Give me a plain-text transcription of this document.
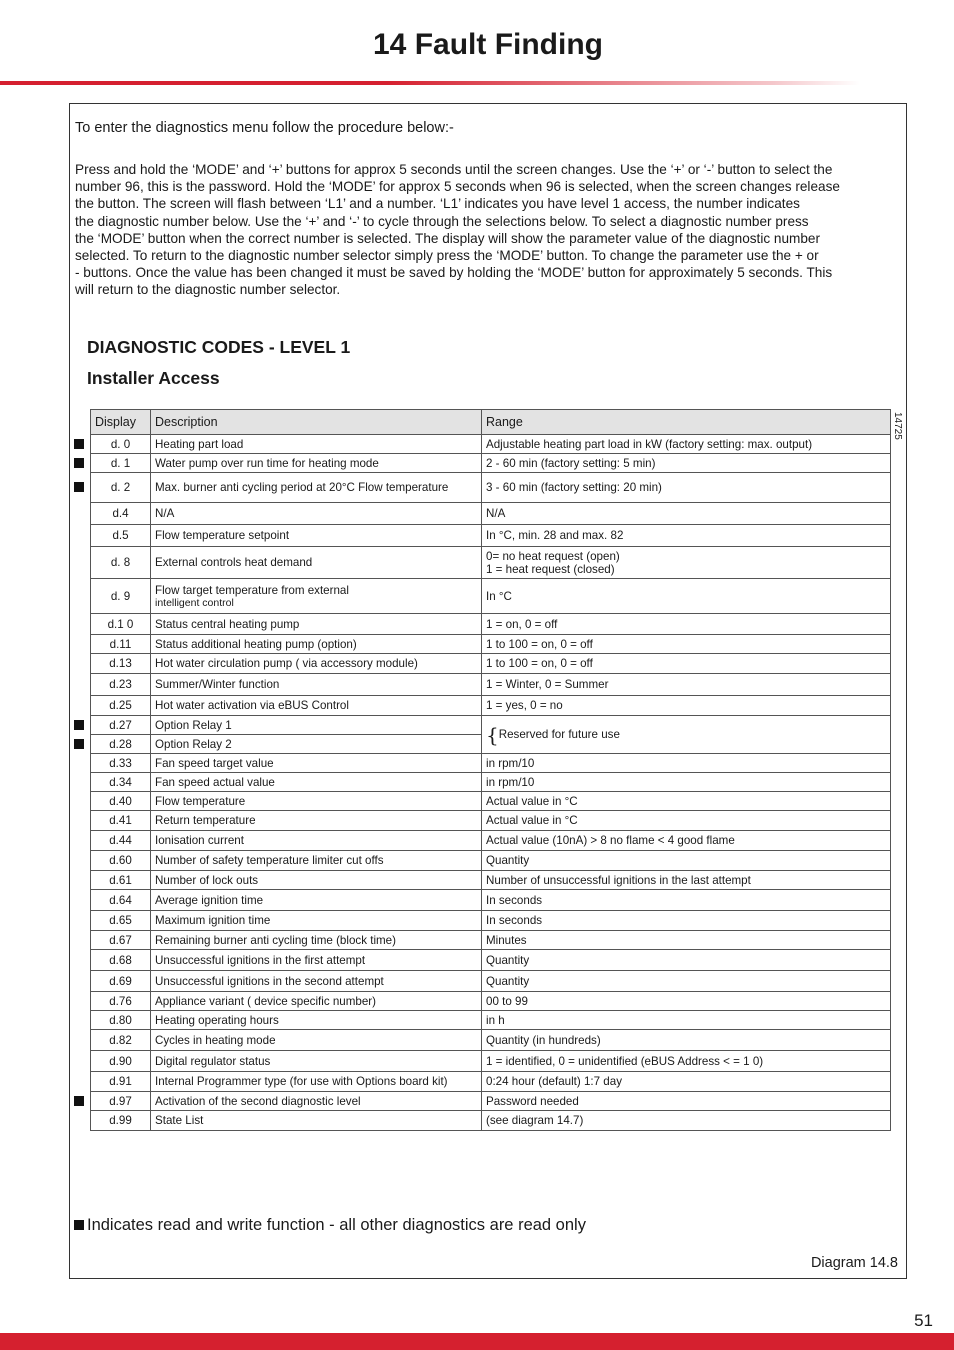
14 Fault Finding
To enter the diagnostics menu follow the procedure below:-
Press and hold the ‘MODE’ and ‘+’ buttons for approx 5 seconds until the screen changes. Use the ‘+’ or ‘-’ button to select the
number 96, this is the password. Hold the ‘MODE’ for approx 5 seconds when 96 is selected, when the screen changes release
the button. The screen will flash between ‘L1’ and a number. ‘L1’ indicates you have level 1 access, the number indicates
the diagnostic number below. Use the ‘+’ and ‘-’ to cycle through the selections below. To select a diagnostic number press
the ‘MODE’ button when the correct number is selected. The display will show the parameter value of the diagnostic number
selected. To return to the diagnostic number selector simply press the ‘MODE’ button. To change the parameter use the + or
- buttons. Once the value has been changed it must be saved by holding the ‘MODE’ button for approximately 5 seconds. This
will return to the diagnostic number selector.
DIAGNOSTIC CODES - LEVEL 1
Installer Access
14725
Display	Description	Range
d. 0	Heating part load	Adjustable heating part load in kW (factory setting: max. output)
d. 1	Water pump over run time for heating mode	2 - 60 min (factory setting: 5 min)
d. 2	Max. burner anti cycling period at 20°C Flow temperature	3 - 60 min (factory setting: 20 min)
d.4	N/A	N/A
d.5	Flow temperature setpoint	In °C, min. 28 and max. 82
d. 8	External controls heat demand	0= no heat request (open)
1 = heat request (closed)

d. 9	Flow target temperature from external
intelligent control	In °C
d.1 0	Status central heating pump	1 = on, 0 = off
d.11	Status additional heating pump (option)	1 to 100 = on, 0 = off
d.13	Hot water circulation pump ( via accessory module)	1 to 100 = on, 0 = off
d.23	Summer/Winter function	1 = Winter, 0 = Summer
d.25	Hot water activation via eBUS Control	1 = yes, 0 = no
d.27	Option Relay 1	{Reserved for future use
d.28	Option Relay 2	

d.33	Fan speed target value	in rpm/10
d.34	Fan speed actual value	in rpm/10
d.40	Flow temperature	Actual value in °C
d.41	Return temperature	Actual value in °C
d.44	Ionisation current	Actual value (10nA) > 8 no flame < 4 good flame
d.60	Number of safety temperature limiter cut offs	Quantity
d.61	Number of lock outs	Number of unsuccessful ignitions in the last attempt
d.64	Average ignition time	In seconds
d.65	Maximum ignition time	In seconds
d.67	Remaining burner anti cycling time (block time)	Minutes
d.68	Unsuccessful ignitions in the first attempt	Quantity
d.69	Unsuccessful ignitions in the second attempt	Quantity
d.76	Appliance variant ( device specific number)	00 to 99
d.80	Heating operating hours	in h
d.82	Cycles in heating mode	Quantity (in hundreds)
d.90	Digital regulator status	1 = identified, 0 = unidentified (eBUS Address < = 1 0)
d.91	Internal Programmer type (for use with Options board kit)	0:24 hour (default) 1:7 day
d.97	Activation of the second diagnostic level	Password needed
d.99	State List	(see diagram 14.7)
Indicates read and write function - all other diagnostics are read only
Diagram 14.8
51
